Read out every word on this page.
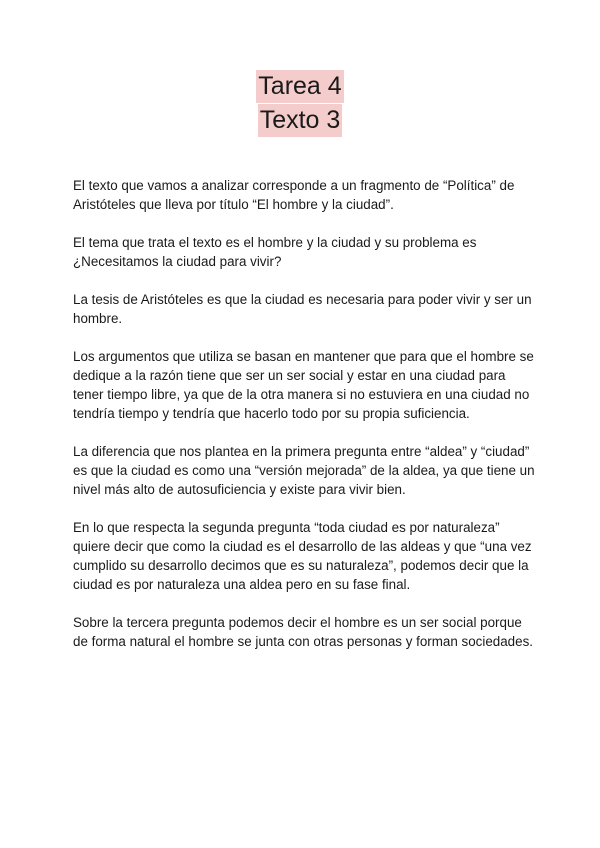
Tarea 4
Texto 3

El texto que vamos a analizar corresponde a un fragmento de “Política” de Aristóteles que lleva por título “El hombre y la ciudad”.

El tema que trata el texto es el hombre y la ciudad y su problema es ¿Necesitamos la ciudad para vivir?

La tesis de Aristóteles es que la ciudad es necesaria para poder vivir y ser un hombre.

Los argumentos que utiliza se basan en mantener que para que el hombre se dedique a la razón tiene que ser un ser social y estar en una ciudad para tener tiempo libre, ya que de la otra manera si no estuviera en una ciudad no tendría tiempo y tendría que hacerlo todo por su propia suficiencia.

La diferencia que nos plantea en la primera pregunta entre “aldea” y “ciudad” es que la ciudad es como una “versión mejorada” de la aldea, ya que tiene un nivel más alto de autosuficiencia y existe para vivir bien.

En lo que respecta la segunda pregunta “toda ciudad es por naturaleza” quiere decir que como la ciudad es el desarrollo de las aldeas y que “una vez cumplido su desarrollo decimos que es su naturaleza”, podemos decir que la ciudad es por naturaleza una aldea pero en su fase final.

Sobre la tercera pregunta podemos decir el hombre es un ser social porque de forma natural el hombre se junta con otras personas y forman sociedades.
